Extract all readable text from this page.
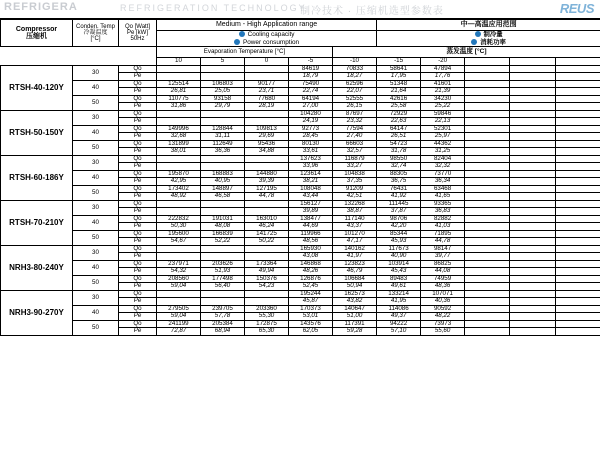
REFRIGERA	REFRIGERATION TECHNOLOGY
制冷技术 · 压缩机选型参数表	REUS
Compressor
压缩机

Conden. Temp
冷凝温度
[°C]

Qo [Watt]
Pe [kW]
50Hz
	Medium - High Application range	中—高温应用范围

			Cooling capacity
Power consumption					制冷量
消耗功率				

			Evaporation Temperature [°C]				蒸发温度 [°C]					
			10	5	0	-5	-10	-15	-20			
RTSH-40-120Y	30	Qo				84619	70833	58641	47894			
		Pe				18,79	18,27	17,95	17,76			
	40	Qo	125514	106803	90177	75490	62596	51348	41601			
		Pe	26,81	25,05	23,71	22,74	22,07	21,64	21,39			
	50	Qo	110775	93158	77680	64194	52555	42616	34230			
		Pe	31,86	29,79	28,19	27,00	26,15	25,58	25,22			
RTSH-50-150Y	30	Qo				104280	87697	72929	59846			
		Pe				24,19	23,32	22,63	22,13			
	40	Qo	149996	128844	109813	92773	77594	64147	52301			
		Pe	32,68	31,11	29,69	28,45	27,40	26,51	25,97			
	50	Qo	131899	112649	95436	80130	66603	54723	44362			
		Pe	38,01	36,36	34,88	33,61	32,57	31,78	31,25			
RTSH-60-186Y	30	Qo				137623	116879	98550	82404			
		Pe				33,96	33,27	32,74	32,32			
	40	Qo	195870	168883	144880	123614	104838	88305	73770			
		Pe	42,95	40,95	39,39	38,21	37,35	36,75	36,34			
	50	Qo	173402	148897	127195	108048	91209	76431	63468			
		Pe	48,92	46,58	44,78	43,44	42,51	41,92	41,65			
RTSH-70-210Y	30	Qo				156127	132268	111445	93365			
		Pe				39,89	38,87	37,87	36,83			
	40	Qo	222832	191031	163010	138477	117140	98706	82882			
		Pe	50,30	48,08	46,24	44,69	43,37	42,20	41,03			
	50	Qo	195600	166839	141725	119966	101270	85344	71895			
		Pe	54,67	52,22	50,22	48,56	47,17	45,93	44,78			
NRH3-80-240Y	30	Qo				165930	140162	117673	98147			
		Pe				43,08	41,97	40,90	39,77			
	40	Qo	237971	203626	173364	146868	123823	103914	86825			
		Pe	54,32	51,93	49,94	48,26	46,79	45,43	44,08			
	50	Qo	208560	177498	150376	126876	106684	89483	74959			
		Pe	59,04	56,40	54,23	52,45	50,94	49,61	48,36			
NRH3-90-270Y	30	Qo				195244	162573	133214	107071			
		Pe				45,87	43,82	41,95	40,36			
	40	Qo	279505	239705	203360	170373	140647	114086	90592			
		Pe	59,04	57,78	55,30	53,01	51,00	49,37	48,22			
	50	Qo	241199	205384	172875	143576	117391	94222	73973			
		Pe	72,87	68,94	65,30	62,05	59,28	57,10	55,60			
